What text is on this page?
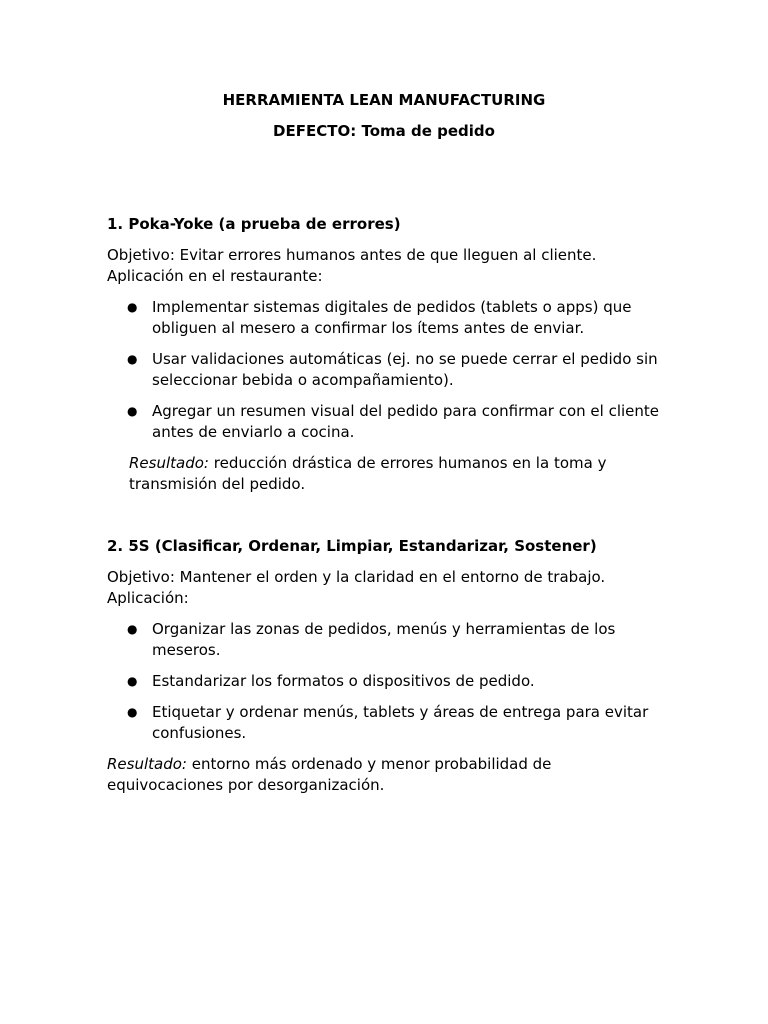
HERRAMIENTA LEAN MANUFACTURING

DEFECTO: Toma de pedido

1. Poka-Yoke (a prueba de errores)

Objetivo: Evitar errores humanos antes de que lleguen al cliente.
Aplicación en el restaurante:

● Implementar sistemas digitales de pedidos (tablets o apps) que obliguen al mesero a confirmar los ítems antes de enviar.
● Usar validaciones automáticas (ej. no se puede cerrar el pedido sin seleccionar bebida o acompañamiento).
● Agregar un resumen visual del pedido para confirmar con el cliente antes de enviarlo a cocina.

Resultado: reducción drástica de errores humanos en la toma y transmisión del pedido.

2. 5S (Clasificar, Ordenar, Limpiar, Estandarizar, Sostener)

Objetivo: Mantener el orden y la claridad en el entorno de trabajo.
Aplicación:

● Organizar las zonas de pedidos, menús y herramientas de los meseros.
● Estandarizar los formatos o dispositivos de pedido.
● Etiquetar y ordenar menús, tablets y áreas de entrega para evitar confusiones.

Resultado: entorno más ordenado y menor probabilidad de equivocaciones por desorganización.
